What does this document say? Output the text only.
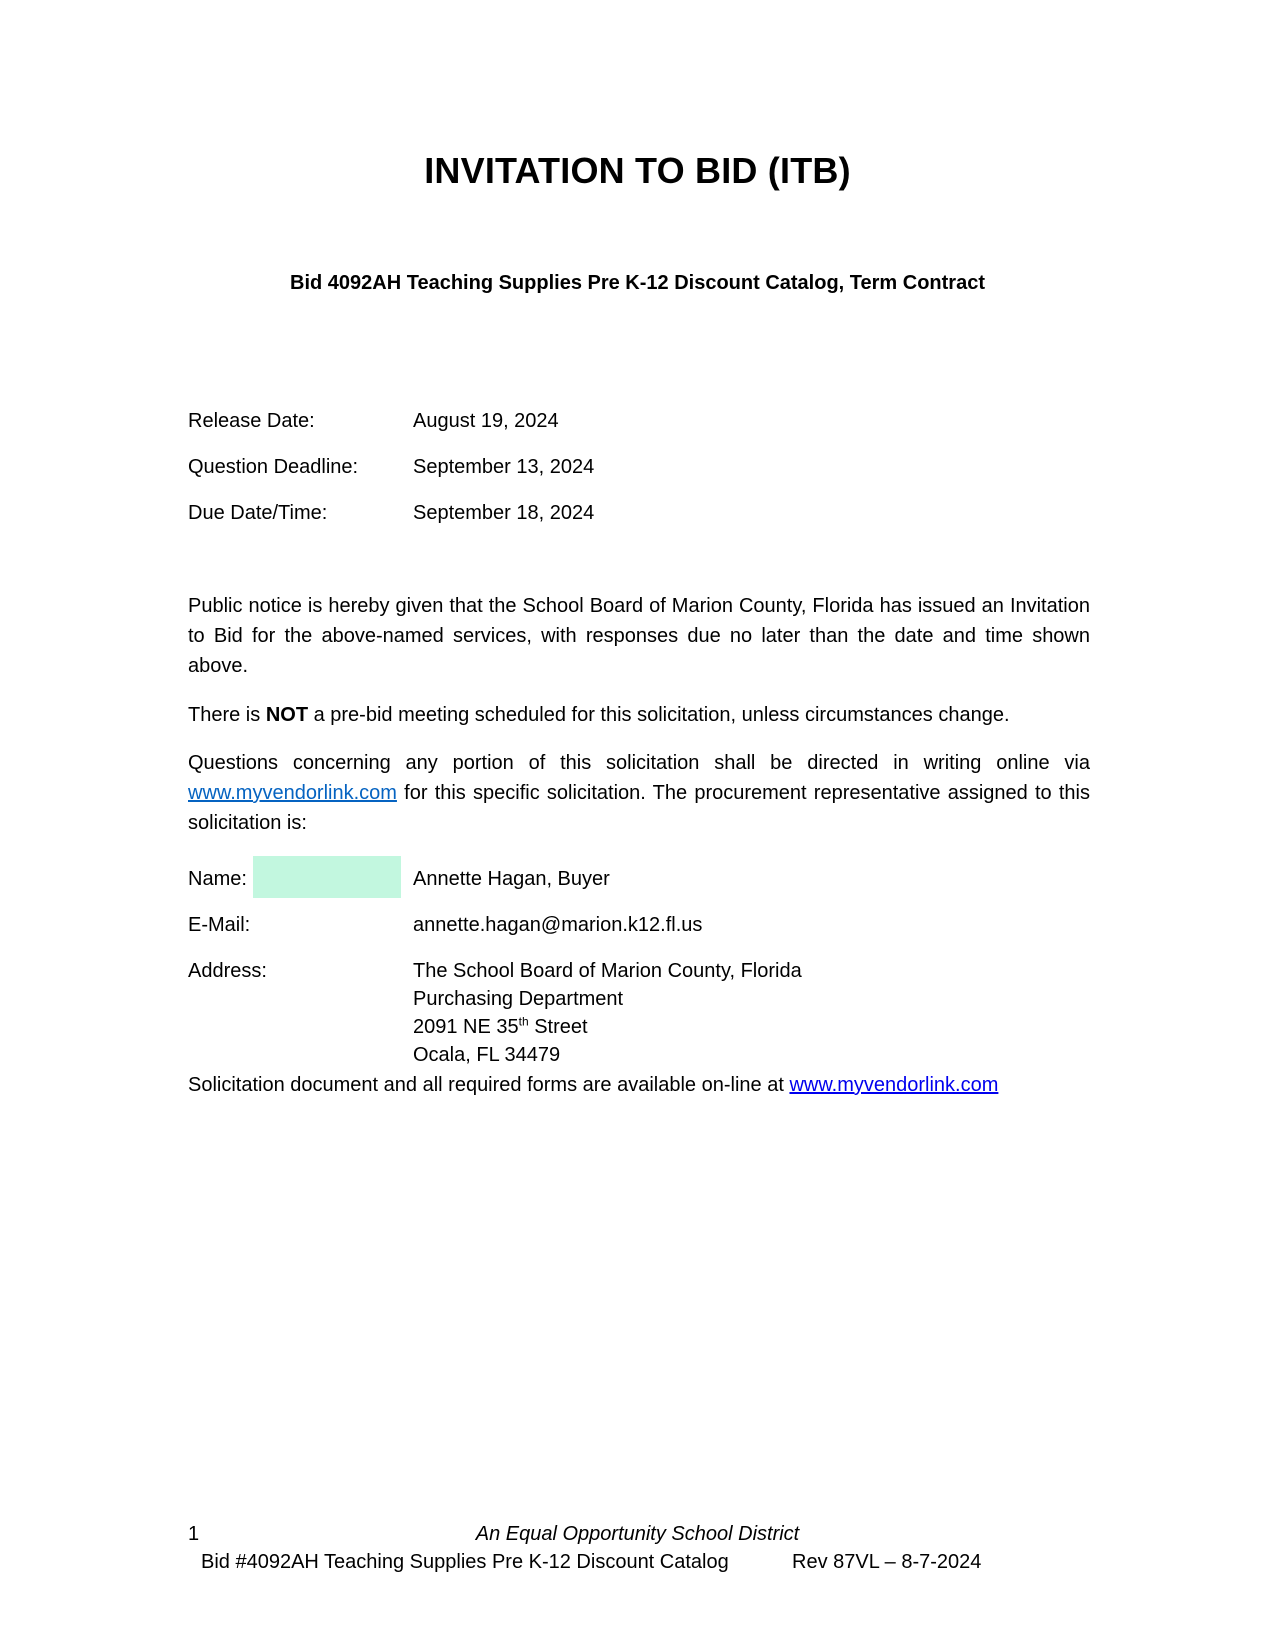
INVITATION TO BID (ITB)
Bid 4092AH Teaching Supplies Pre K-12 Discount Catalog, Term Contract
Release Date:	August 19, 2024
Question Deadline:	September 13, 2024
Due Date/Time:	September 18, 2024
Public notice is hereby given that the School Board of Marion County, Florida has issued an Invitation to Bid for the above-named services, with responses due no later than the date and time shown above.
There is NOT a pre-bid meeting scheduled for this solicitation, unless circumstances change.
Questions concerning any portion of this solicitation shall be directed in writing online via www.myvendorlink.com for this specific solicitation. The procurement representative assigned to this solicitation is:
Name:	Annette Hagan, Buyer
E-Mail:	annette.hagan@marion.k12.fl.us
Address:	The School Board of Marion County, Florida
Purchasing Department
2091 NE 35th Street
Ocala, FL 34479
Solicitation document and all required forms are available on-line at www.myvendorlink.com
An Equal Opportunity School District
1
Bid #4092AH Teaching Supplies Pre K-12 Discount Catalog	Rev 87VL – 8-7-2024
